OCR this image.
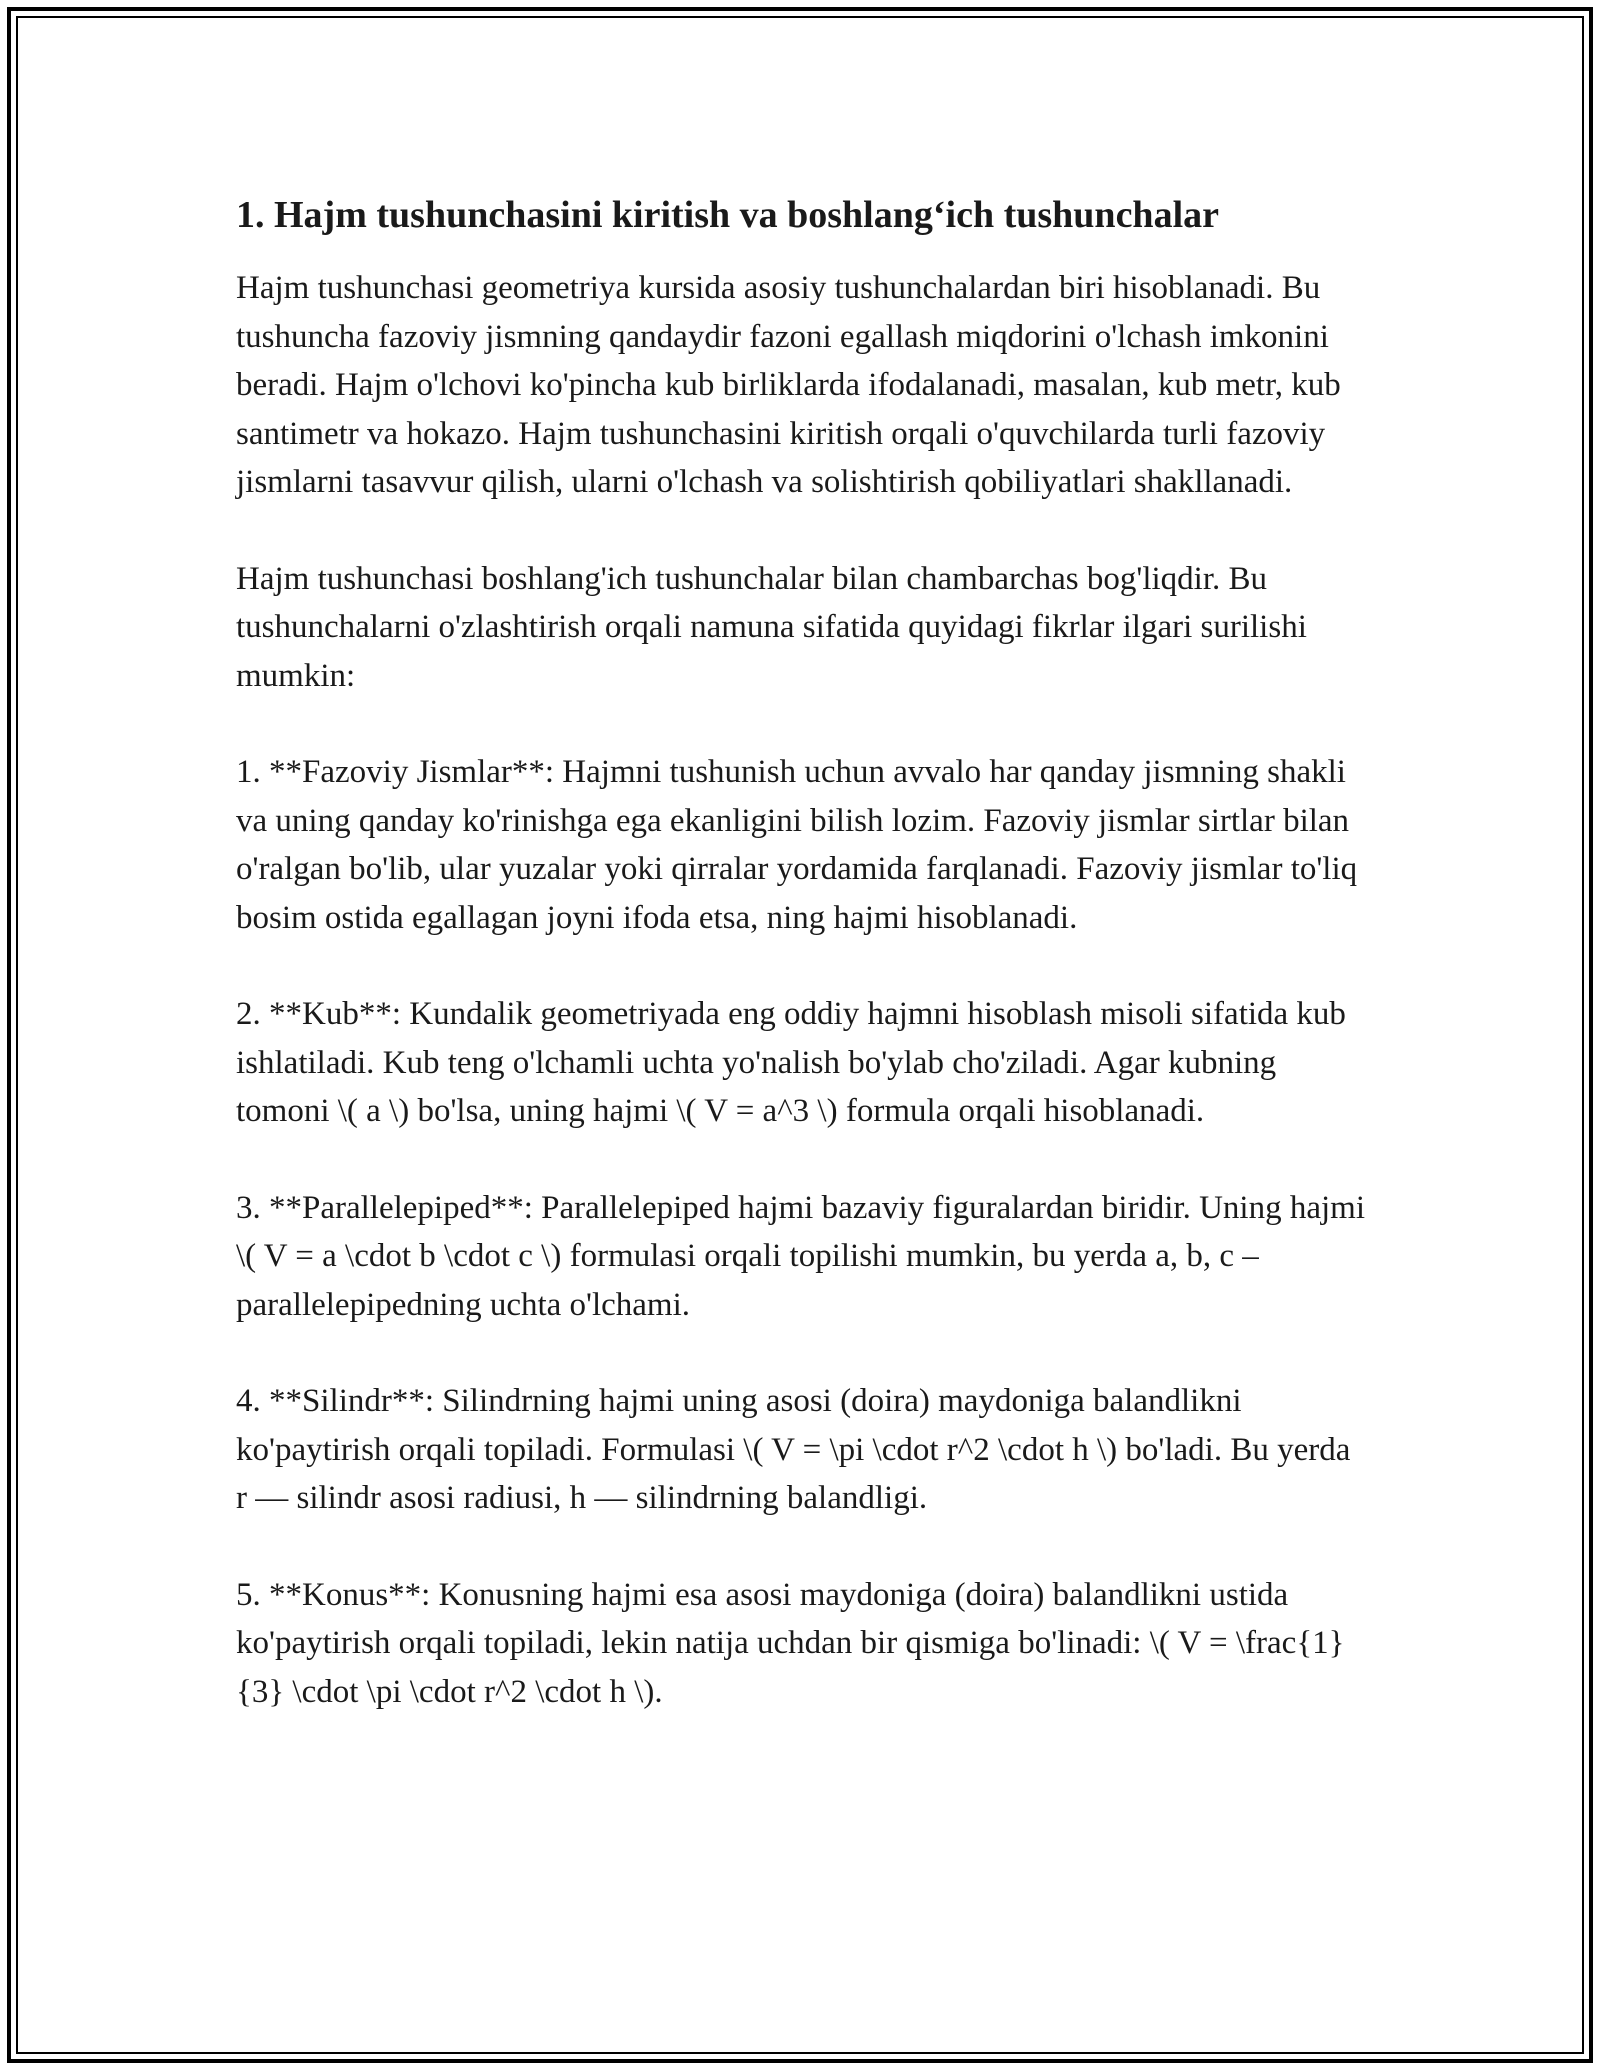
1. Hajm tushunchasini kiritish va boshlang‘ich tushunchalar

Hajm tushunchasi geometriya kursida asosiy tushunchalardan biri hisoblanadi. Bu tushuncha fazoviy jismning qandaydir fazoni egallash miqdorini o'lchash imkonini beradi. Hajm o'lchovi ko'pincha kub birliklarda ifodalanadi, masalan, kub metr, kub santimetr va hokazo. Hajm tushunchasini kiritish orqali o'quvchilarda turli fazoviy jismlarni tasavvur qilish, ularni o'lchash va solishtirish qobiliyatlari shakllanadi.

Hajm tushunchasi boshlang'ich tushunchalar bilan chambarchas bog'liqdir. Bu tushunchalarni o'zlashtirish orqali namuna sifatida quyidagi fikrlar ilgari surilishi mumkin:

1. **Fazoviy Jismlar**: Hajmni tushunish uchun avvalo har qanday jismning shakli va uning qanday ko'rinishga ega ekanligini bilish lozim. Fazoviy jismlar sirtlar bilan o'ralgan bo'lib, ular yuzalar yoki qirralar yordamida farqlanadi. Fazoviy jismlar to'liq bosim ostida egallagan joyni ifoda etsa, ning hajmi hisoblanadi.

2. **Kub**: Kundalik geometriyada eng oddiy hajmni hisoblash misoli sifatida kub ishlatiladi. Kub teng o'lchamli uchta yo'nalish bo'ylab cho'ziladi. Agar kubning tomoni \( a \) bo'lsa, uning hajmi \( V = a^3 \) formula orqali hisoblanadi.

3. **Parallelepiped**: Parallelepiped hajmi bazaviy figuralardan biridir. Uning hajmi \( V = a \cdot b \cdot c \) formulasi orqali topilishi mumkin, bu yerda a, b, c – parallelepipedning uchta o'lchami.

4. **Silindr**: Silindrning hajmi uning asosi (doira) maydoniga balandlikni ko'paytirish orqali topiladi. Formulasi \( V = \pi \cdot r^2 \cdot h \) bo'ladi. Bu yerda r — silindr asosi radiusi, h — silindrning balandligi.

5. **Konus**: Konusning hajmi esa asosi maydoniga (doira) balandlikni ustida ko'paytirish orqali topiladi, lekin natija uchdan bir qismiga bo'linadi: \( V = \frac{1}{3} \cdot \pi \cdot r^2 \cdot h \).
